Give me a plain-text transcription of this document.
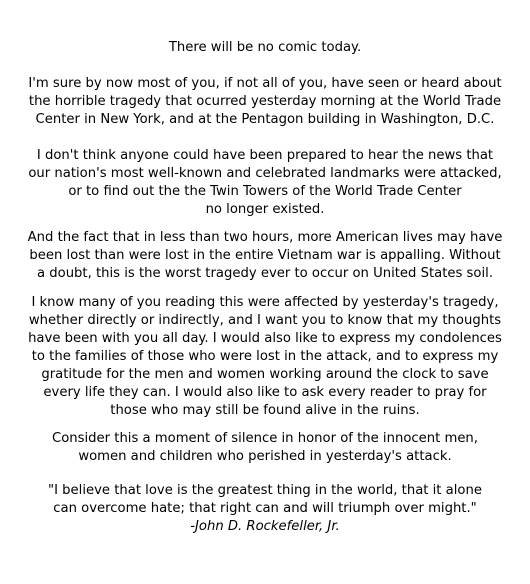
There will be no comic today.

I'm sure by now most of you, if not all of you, have seen or heard about
the horrible tragedy that ocurred yesterday morning at the World Trade
Center in New York, and at the Pentagon building in Washington, D.C.

I don't think anyone could have been prepared to hear the news that
our nation's most well-known and celebrated landmarks were attacked,
or to find out the the Twin Towers of the World Trade Center
no longer existed.

And the fact that in less than two hours, more American lives may have
been lost than were lost in the entire Vietnam war is appalling. Without
a doubt, this is the worst tragedy ever to occur on United States soil.

I know many of you reading this were affected by yesterday's tragedy,
whether directly or indirectly, and I want you to know that my thoughts
have been with you all day. I would also like to express my condolences
to the families of those who were lost in the attack, and to express my
gratitude for the men and women working around the clock to save
every life they can. I would also like to ask every reader to pray for
those who may still be found alive in the ruins.

Consider this a moment of silence in honor of the innocent men,
women and children who perished in yesterday's attack.

"I believe that love is the greatest thing in the world, that it alone
can overcome hate; that right can and will triumph over might."
-John D. Rockefeller, Jr.
